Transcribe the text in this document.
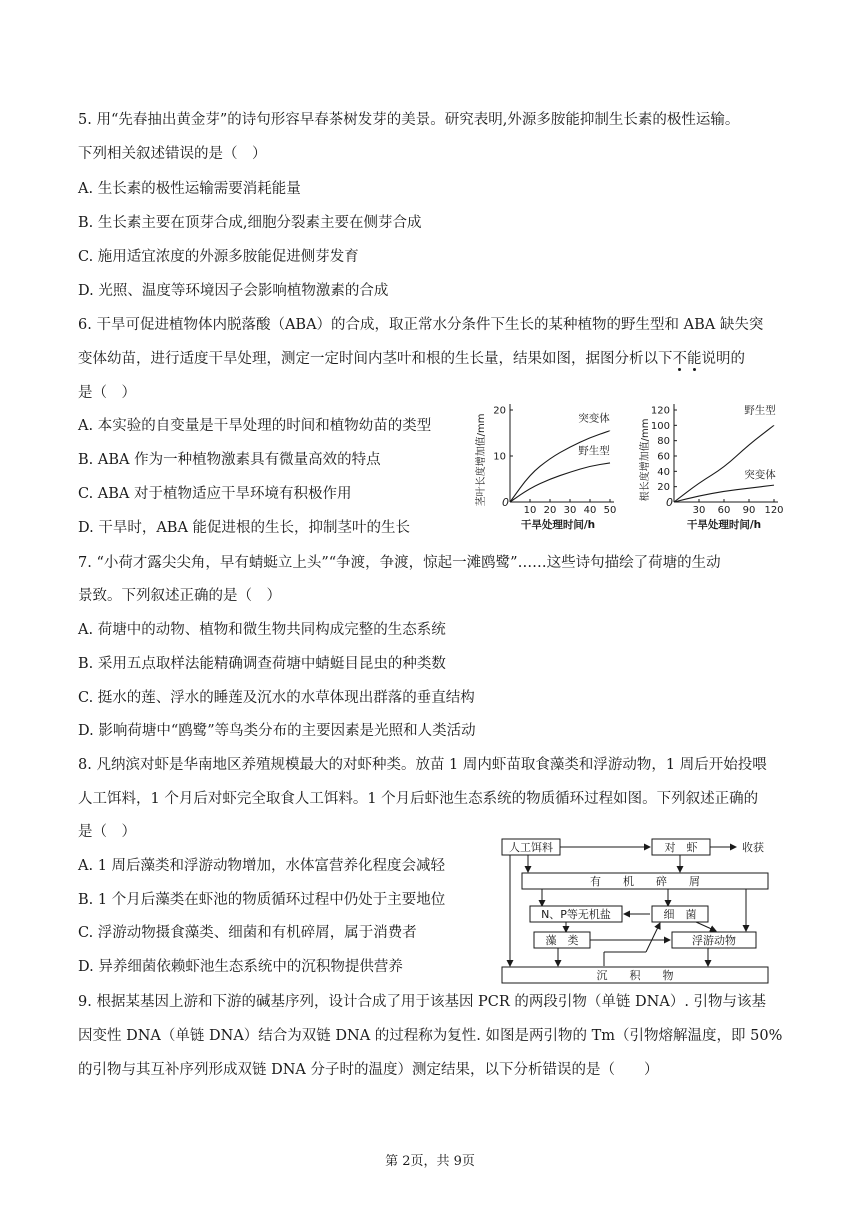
5. 用“先春抽出黄金芽”的诗句形容早春茶树发芽的美景。研究表明,外源多胺能抑制生长素的极性运输。
下列相关叙述错误的是（　）
A. 生长素的极性运输需要消耗能量
B. 生长素主要在顶芽合成,细胞分裂素主要在侧芽合成
C. 施用适宜浓度的外源多胺能促进侧芽发育
D. 光照、温度等环境因子会影响植物激素的合成
6. 干旱可促进植物体内脱落酸（ABA）的合成，取正常水分条件下生长的某种植物的野生型和 ABA 缺失突
变体幼苗，进行适度干旱处理，测定一定时间内茎叶和根的生长量，结果如图，据图分析以下不能说明的
是（　）
A. 本实验的自变量是干旱处理的时间和植物幼苗的类型
B. ABA 作为一种植物激素具有微量高效的特点
C. ABA 对于植物适应干旱环境有积极作用
D. 干旱时，ABA 能促进根的生长，抑制茎叶的生长
茎叶长度增加值/mm
干旱处理时间/h
0
10 20 30 40 50
10
20
突变体
野生型	根长度增加值/mm
干旱处理时间/h
0
30 60 90 120
20
40
60
80
100
120	野生型
突变体
7. “小荷才露尖尖角，早有蜻蜓立上头”“争渡，争渡，惊起一滩鸥鹭”……这些诗句描绘了荷塘的生动
景致。下列叙述正确的是（　）
A. 荷塘中的动物、植物和微生物共同构成完整的生态系统
B. 采用五点取样法能精确调查荷塘中蜻蜓目昆虫的种类数
C. 挺水的莲、浮水的睡莲及沉水的水草体现出群落的垂直结构
D. 影响荷塘中“鸥鹭”等鸟类分布的主要因素是光照和人类活动
8. 凡纳滨对虾是华南地区养殖规模最大的对虾种类。放苗 1 周内虾苗取食藻类和浮游动物，1 周后开始投喂
人工饵料，1 个月后对虾完全取食人工饵料。1 个月后虾池生态系统的物质循环过程如图。下列叙述正确的
是（　）
A. 1 周后藻类和浮游动物增加，水体富营养化程度会减轻
B. 1 个月后藻类在虾池的物质循环过程中仍处于主要地位
C. 浮游动物摄食藻类、细菌和有机碎屑，属于消费者
D. 异养细菌依赖虾池生态系统中的沉积物提供营养
人工饵料	对　虾	收获
有　　机　　碎　　屑
N、P等无机盐	细　菌
藻　类	浮游动物
沉　　积　　物
9. 根据某基因上游和下游的碱基序列，设计合成了用于该基因 PCR 的两段引物（单链 DNA）. 引物与该基
因变性 DNA（单链 DNA）结合为双链 DNA 的过程称为复性. 如图是两引物的 Tm（引物熔解温度，即 50%
的引物与其互补序列形成双链 DNA 分子时的温度）测定结果，以下分析错误的是（　　）
第 2页，共 9页
